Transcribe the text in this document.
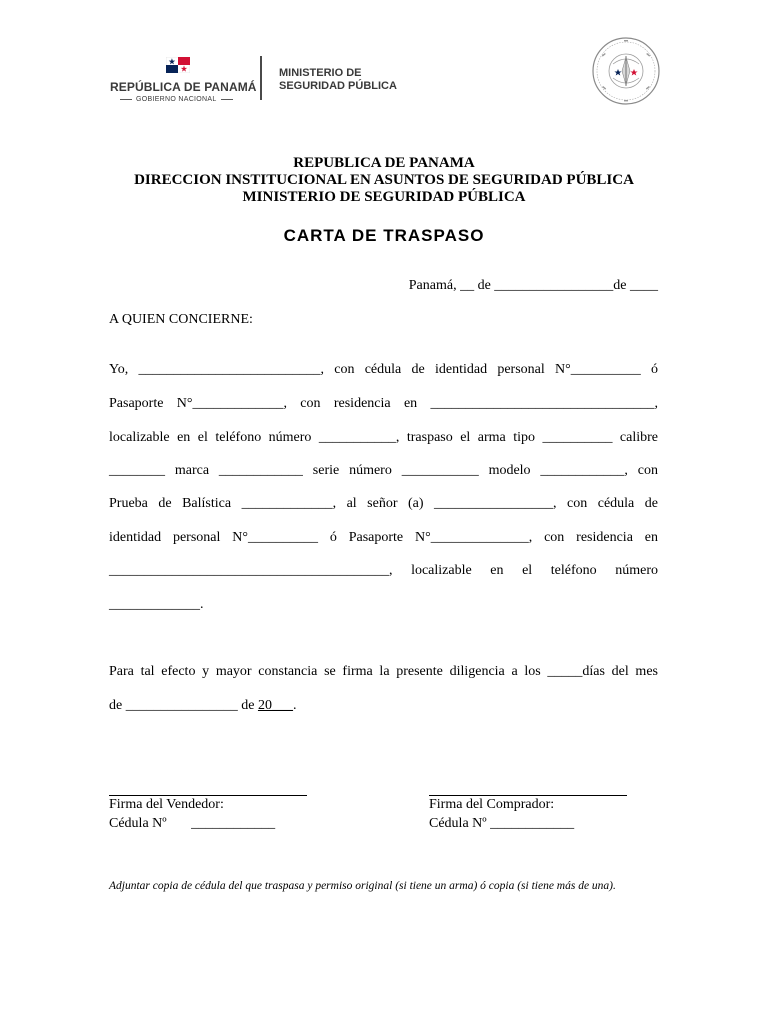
REPÚBLICA DE PANAMÁ
GOBIERNO NACIONAL
MINISTERIO DE
SEGURIDAD PÚBLICA
REPUBLICA DE PANAMA
DIRECCION INSTITUCIONAL EN ASUNTOS DE SEGURIDAD PÚBLICA
MINISTERIO DE SEGURIDAD PÚBLICA
CARTA DE TRASPASO
Panamá, __ de _________________de ____
A QUIEN CONCIERNE:
Yo, __________________________, con cédula de identidad personal N°__________ ó
Pasaporte N°_____________, con residencia en ________________________________,
localizable en el teléfono número ___________, traspaso el arma tipo __________ calibre
________ marca ____________ serie número ___________ modelo ____________, con
Prueba de Balística _____________, al señor (a) _________________, con cédula de
identidad personal N°__________ ó Pasaporte N°______________, con residencia en
________________________________________, localizable en el teléfono número
_____________.
Para tal efecto y mayor constancia se firma la presente diligencia a los _____días del mes
de ________________ de 20___.
Firma del Vendedor:
Cédula Nº       ____________
Firma del Comprador:
Cédula Nº ____________
Adjuntar copia de cédula del que traspasa y permiso original (si tiene un arma) ó copia (si tiene más de una).
